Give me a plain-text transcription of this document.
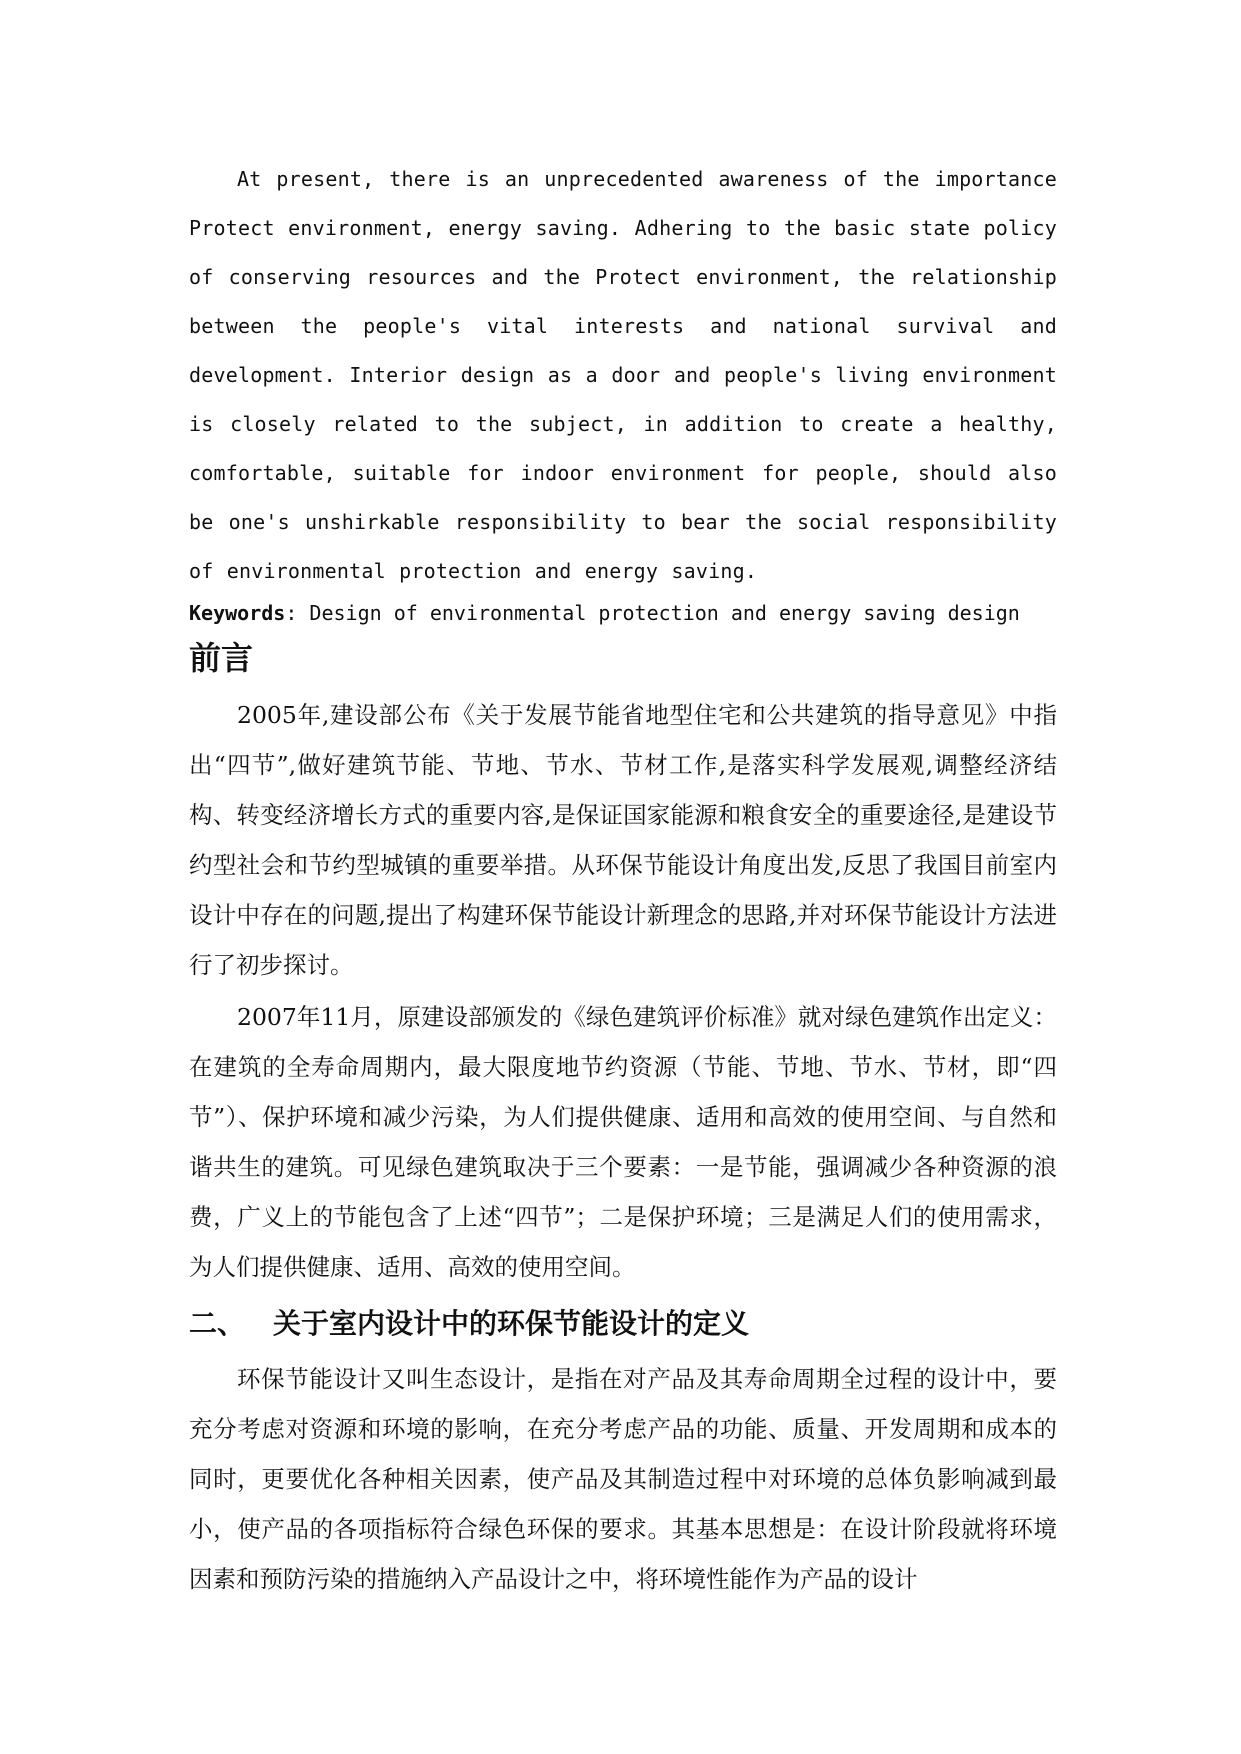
At present, there is an unprecedented awareness of the importance Protect environment, energy saving. Adhering to the basic state policy of conserving resources and the Protect environment, the relationship between the people's vital interests and national survival and development. Interior design as a door and people's living environment is closely related to the subject, in addition to create a healthy, comfortable, suitable for indoor environment for people, should also be one's unshirkable responsibility to bear the social responsibility of environmental protection and energy saving.

Keywords: Design of environmental protection and energy saving design

前言

2005年,建设部公布《关于发展节能省地型住宅和公共建筑的指导意见》中指出“四节”,做好建筑节能、节地、节水、节材工作,是落实科学发展观,调整经济结构、转变经济增长方式的重要内容,是保证国家能源和粮食安全的重要途径,是建设节约型社会和节约型城镇的重要举措。从环保节能设计角度出发,反思了我国目前室内设计中存在的问题,提出了构建环保节能设计新理念的思路,并对环保节能设计方法进行了初步探讨。

2007年11月，原建设部颁发的《绿色建筑评价标准》就对绿色建筑作出定义：在建筑的全寿命周期内，最大限度地节约资源（节能、节地、节水、节材，即“四节”）、保护环境和减少污染，为人们提供健康、适用和高效的使用空间、与自然和谐共生的建筑。可见绿色建筑取决于三个要素：一是节能，强调减少各种资源的浪费，广义上的节能包含了上述“四节”；二是保护环境；三是满足人们的使用需求，为人们提供健康、适用、高效的使用空间。

二、 关于室内设计中的环保节能设计的定义

环保节能设计又叫生态设计，是指在对产品及其寿命周期全过程的设计中，要充分考虑对资源和环境的影响，在充分考虑产品的功能、质量、开发周期和成本的同时，更要优化各种相关因素，使产品及其制造过程中对环境的总体负影响减到最小，使产品的各项指标符合绿色环保的要求。其基本思想是：在设计阶段就将环境因素和预防污染的措施纳入产品设计之中，将环境性能作为产品的设计
